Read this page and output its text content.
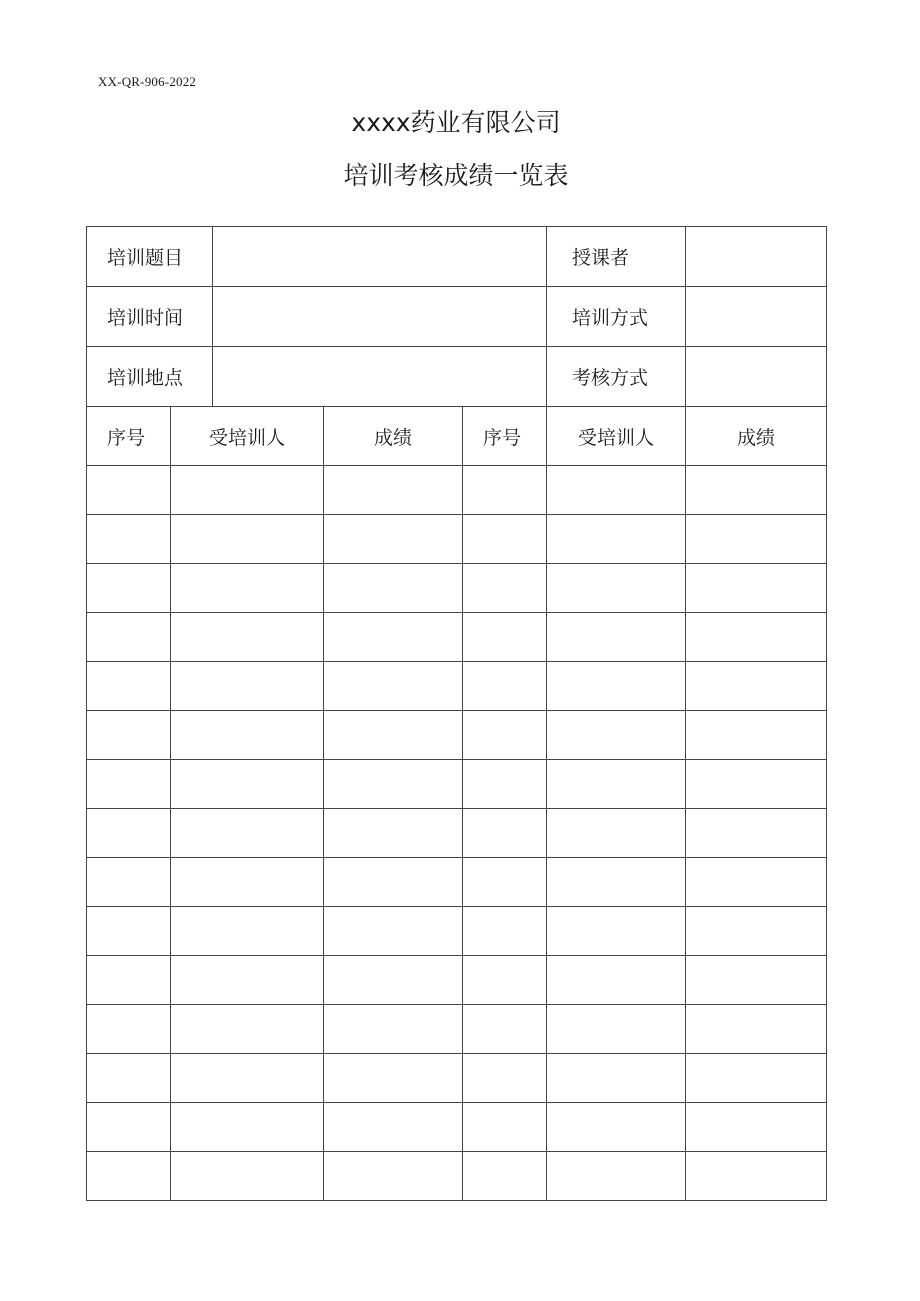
XX-QR-906-2022
xxxx药业有限公司
培训考核成绩一览表
培训题目					授课者	
培训时间					培训方式	
培训地点					考核方式	
序号	受培训人		成绩	序号	受培训人	成绩
